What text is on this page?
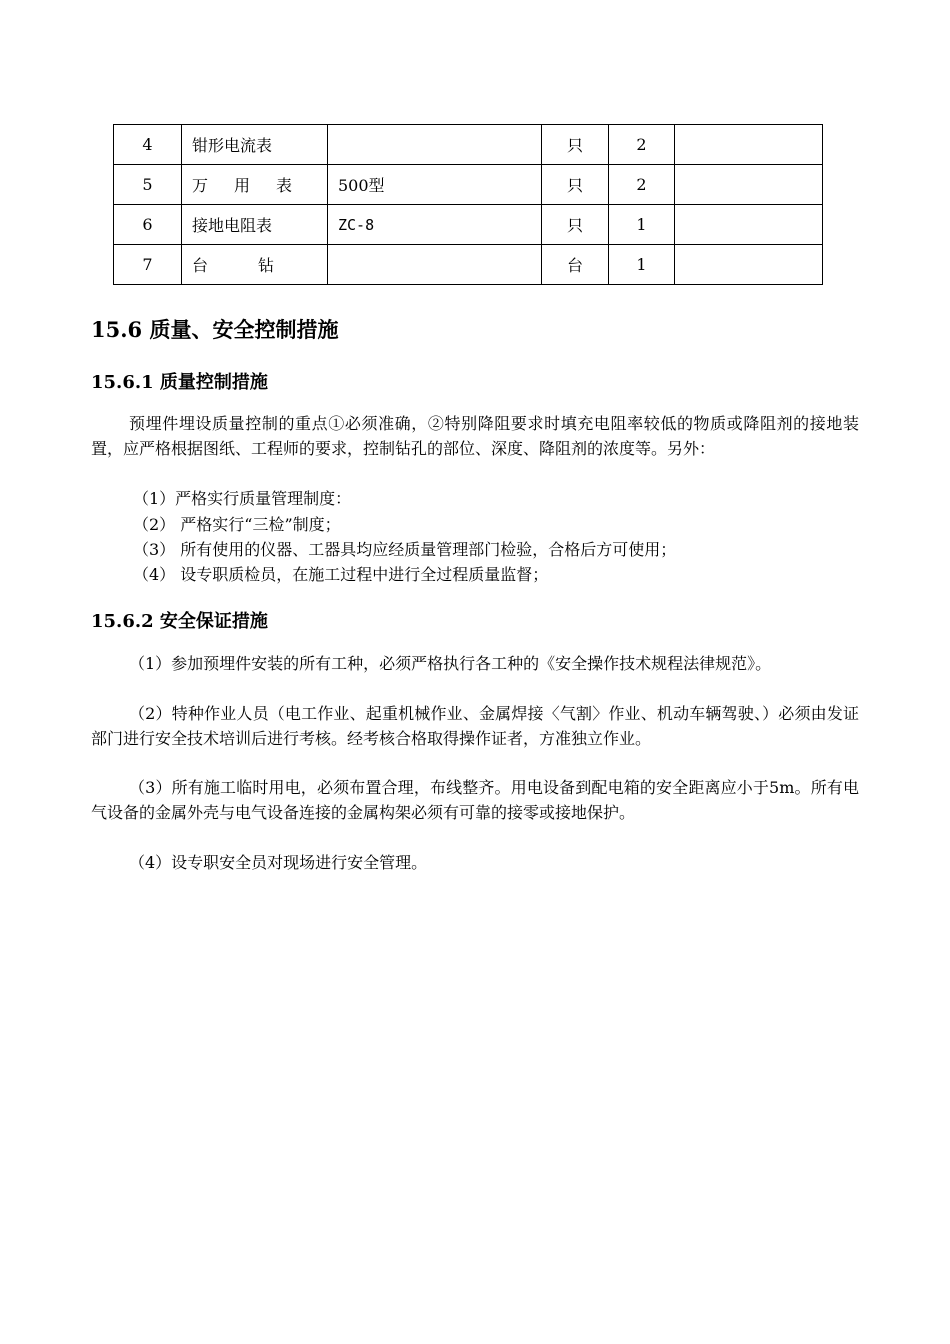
4	钳形电流表		只	2	
5	万用表	500型	只	2	
6	接地电阻表	ZC-8	只	1	
7	台钻		台	1	
15.6 质量、安全控制措施
15.6.1 质量控制措施

预埋件埋设质量控制的重点①必须准确，②特别降阻要求时填充电阻率较低的物质或降阻剂的接地装置，应严格根据图纸、工程师的要求，控制钻孔的部位、深度、降阻剂的浓度等。另外：

（1）严格实行质量管理制度：

（2） 严格实行“三检”制度；

（3） 所有使用的仪器、工器具均应经质量管理部门检验，合格后方可使用；

（4） 设专职质检员，在施工过程中进行全过程质量监督；

15.6.2 安全保证措施

（1）参加预埋件安装的所有工种，必须严格执行各工种的《安全操作技术规程法律规范》。

（2）特种作业人员（电工作业、起重机械作业、金属焊接〈气割〉作业、机动车辆驾驶、）必须由发证部门进行安全技术培训后进行考核。经考核合格取得操作证者，方准独立作业。

（3）所有施工临时用电，必须布置合理，布线整齐。用电设备到配电箱的安全距离应小于5m。所有电气设备的金属外壳与电气设备连接的金属构架必须有可靠的接零或接地保护。

（4）设专职安全员对现场进行安全管理。
